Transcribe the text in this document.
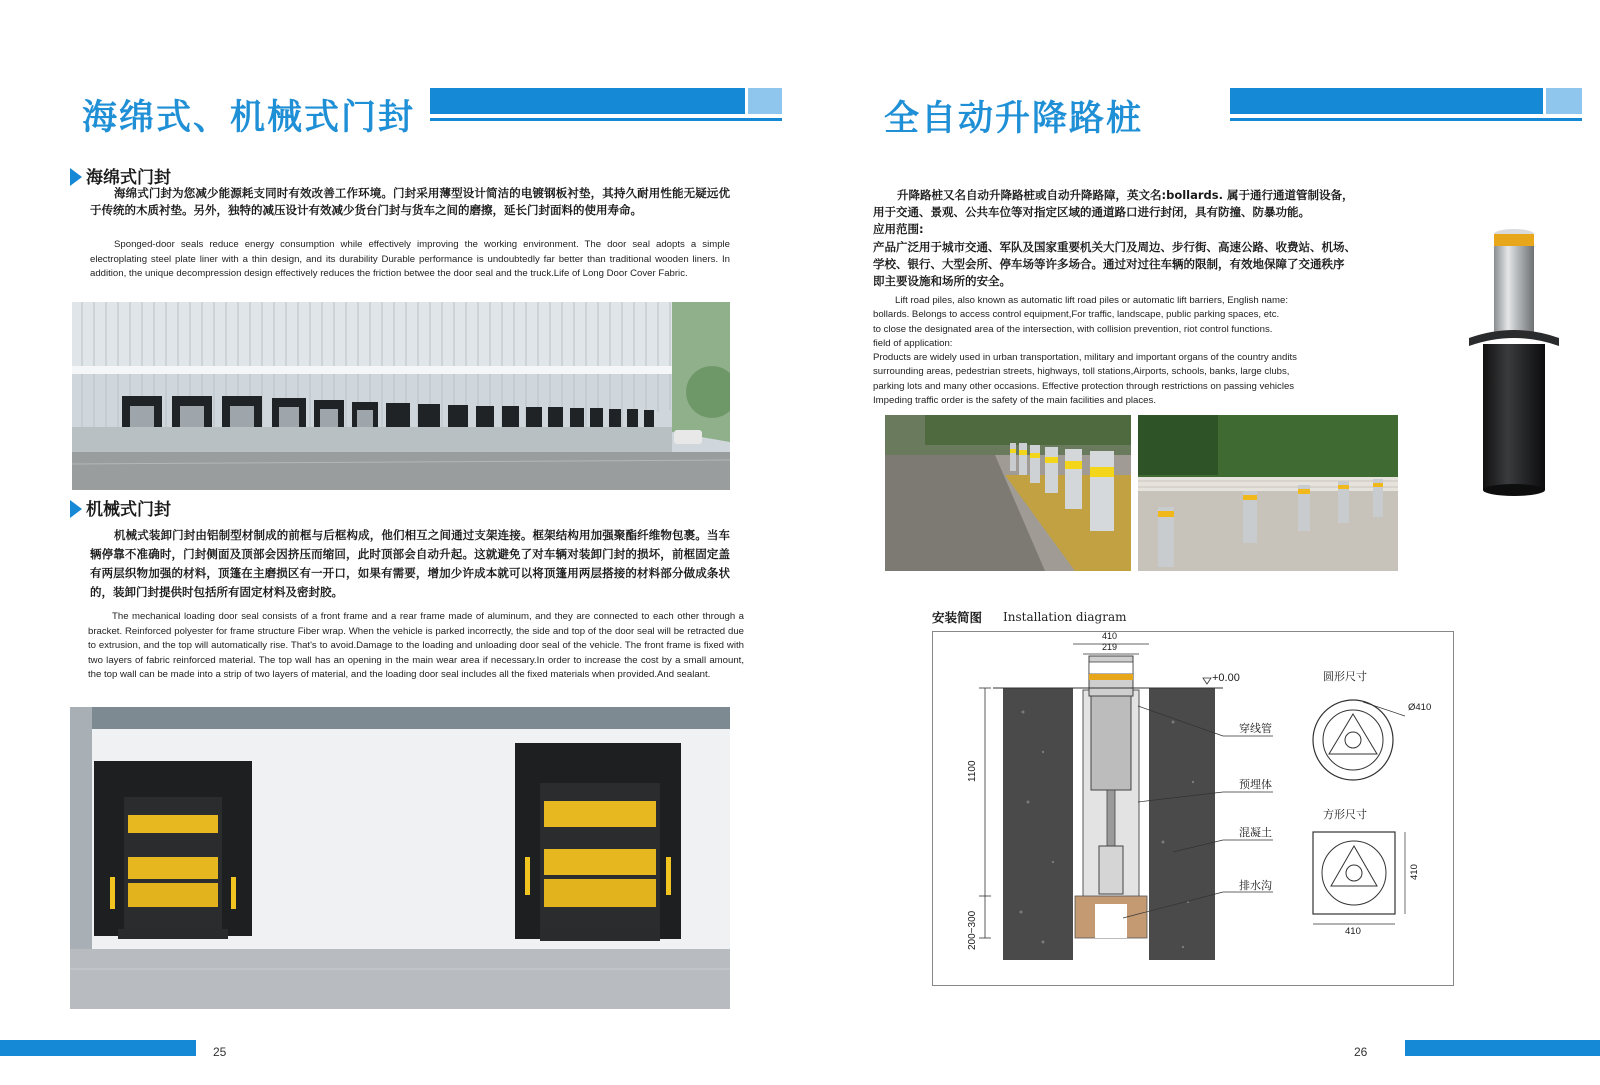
海绵式、机械式门封
海绵式门封
海绵式门封为您减少能源耗支同时有效改善工作环境。门封采用薄型设计简洁的电镀钢板衬垫，其持久耐用性能无疑远优于传统的木质衬垫。另外，独特的减压设计有效减少货台门封与货车之间的磨擦，延长门封面料的使用寿命。
Sponged-door seals reduce energy consumption while effectively improving the working environment. The door seal adopts a simple electroplating steel plate liner with a thin design, and its durability Durable performance is undoubtedly far better than traditional wooden liners. In addition, the unique decompression design effectively reduces the friction betwee the door seal and the truck.Life of Long Door Cover Fabric.
机械式门封
机械式装卸门封由铝制型材制成的前框与后框构成，他们相互之间通过支架连接。框架结构用加强聚酯纤维物包裹。当车辆停靠不准确时，门封侧面及顶部会因挤压而缩回，此时顶部会自动升起。这就避免了对车辆对装卸门封的损坏，前框固定盖有两层织物加强的材料，顶篷在主磨损区有一开口，如果有需要，增加少许成本就可以将顶篷用两层搭接的材料部分做成条状的，装卸门封提供时包括所有固定材料及密封胶。
The mechanical loading door seal consists of a front frame and a rear frame made of aluminum, and they are connected to each other through a bracket. Reinforced polyester for frame structure Fiber wrap. When the vehicle is parked incorrectly, the side and top of the door seal will be retracted due to extrusion, and the top will automatically rise. That's to avoid.Damage to the loading and unloading door seal of the vehicle. The front frame is fixed with two layers of fabric reinforced material. The top wall has an opening in the main wear area if necessary.In order to increase the cost by a small amount, the top wall can be made into a strip of two layers of material, and the loading door seal includes all the fixed materials when provided.And sealant.
25
全自动升降路桩
升降路桩又名自动升降路桩或自动升降路障，英文名:bollards. 属于通行通道管制设备，
用于交通、景观、公共车位等对指定区域的通道路口进行封闭，具有防撞、防暴功能。
应用范围:
产品广泛用于城市交通、军队及国家重要机关大门及周边、步行街、高速公路、收费站、机场、
学校、银行、大型会所、停车场等许多场合。通过对过往车辆的限制，有效地保障了交通秩序
即主要设施和场所的安全。
Lift road piles, also known as automatic lift road piles or automatic lift barriers, English name:
bollards. Belongs to access control equipment,For traffic, landscape, public parking spaces, etc.
to close the designated area of the intersection, with collision prevention, riot control functions.
field of application:
Products are widely used in urban transportation, military and important organs of the country andits
surrounding areas, pedestrian streets, highways, toll stations,Airports, schools, banks, large clubs,
parking lots and many other occasions. Effective protection through restrictions on passing vehicles
Impeding traffic order is the safety of the main facilities and places.
安装简图 Installation diagram
410
219
+0.00
1100
200~300
穿线管
预埋体
混凝土
排水沟
圆形尺寸
Ø410
方形尺寸
410
410
26
